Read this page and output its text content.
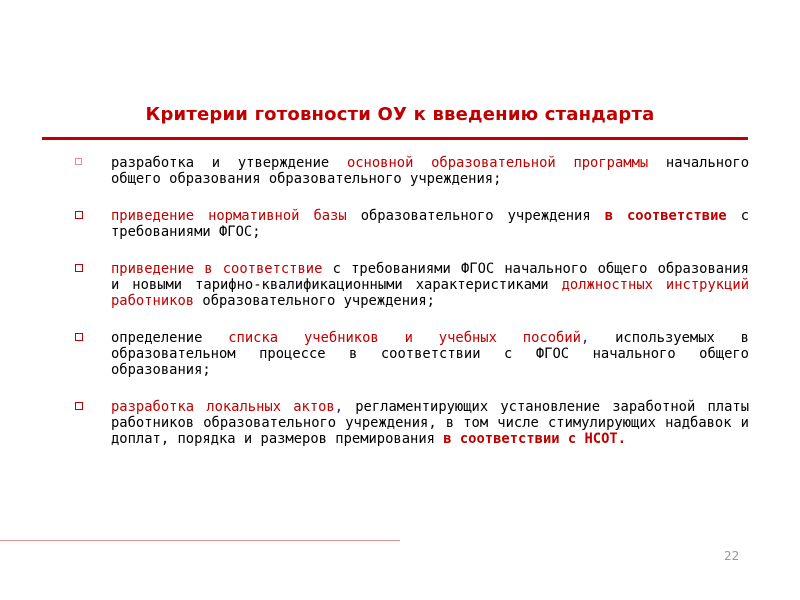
Критерии готовности ОУ к введению стандарта
разработка и утверждение основной образовательной программы начального общего образования образовательного учреждения;
приведение нормативной базы образовательного учреждения в соответствие с требованиями ФГОС;
приведение в соответствие с требованиями ФГОС начального общего образования и новыми тарифно-квалификационными характеристиками должностных инструкций работников образовательного учреждения;
определение списка учебников и учебных пособий, используемых в образовательном процессе в соответствии с ФГОС начального общего образования;
разработка локальных актов, регламентирующих установление заработной платы работников образовательного учреждения, в том числе стимулирующих надбавок и доплат, порядка и размеров премирования в соответствии с НСОТ.
22
